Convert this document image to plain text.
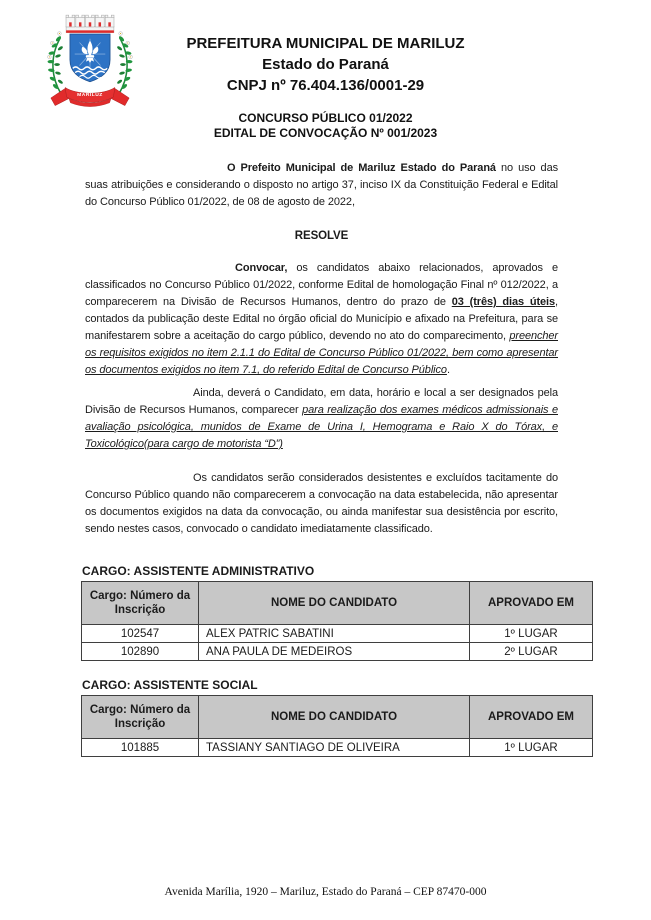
MARILUZ
PREFEITURA MUNICIPAL DE MARILUZ
Estado do Paraná
CNPJ nº 76.404.136/0001-29
CONCURSO PÚBLICO 01/2022
EDITAL DE CONVOCAÇÃO Nº 001/2023

O Prefeito Municipal de Mariluz Estado do Paraná no uso das suas atribuições e considerando o disposto no artigo 37, inciso IX da Constituição Federal e Edital do Concurso Público 01/2022, de 08 de agosto de 2022,

RESOLVE

Convocar, os candidatos abaixo relacionados, aprovados e classificados no Concurso Público 01/2022, conforme Edital de homologação Final nº 012/2022, a comparecerem na Divisão de Recursos Humanos, dentro do prazo de 03 (três) dias úteis, contados da publicação deste Edital no órgão oficial do Município e afixado na Prefeitura, para se manifestarem sobre a aceitação do cargo público, devendo no ato do comparecimento, preencher os requisitos exigidos no item 2.1.1 do Edital de Concurso Público 01/2022, bem como apresentar os documentos exigidos no item 7.1, do referido Edital de Concurso Público.

Ainda, deverá o Candidato, em data, horário e local a ser designados pela Divisão de Recursos Humanos, comparecer para realização dos exames médicos admissionais e avaliação psicológica, munidos de Exame de Urina I, Hemograma e Raio X do Tórax, e Toxicológico(para cargo de motorista “D”)

Os candidatos serão considerados desistentes e excluídos tacitamente do Concurso Público quando não comparecerem a convocação na data estabelecida, não apresentar os documentos exigidos na data da convocação, ou ainda manifestar sua desistência por escrito, sendo nestes casos, convocado o candidato imediatamente classificado.

CARGO: ASSISTENTE ADMINISTRATIVO

Cargo: Número da Inscrição	NOME DO CANDIDATO	APROVADO EM
102547	ALEX PATRIC SABATINI	1º LUGAR
102890	ANA PAULA DE MEDEIROS	2º LUGAR

CARGO: ASSISTENTE SOCIAL

Cargo: Número da Inscrição	NOME DO CANDIDATO	APROVADO EM
101885	TASSIANY SANTIAGO DE OLIVEIRA	1º LUGAR
Avenida Marília, 1920 – Mariluz, Estado do Paraná – CEP 87470-000
